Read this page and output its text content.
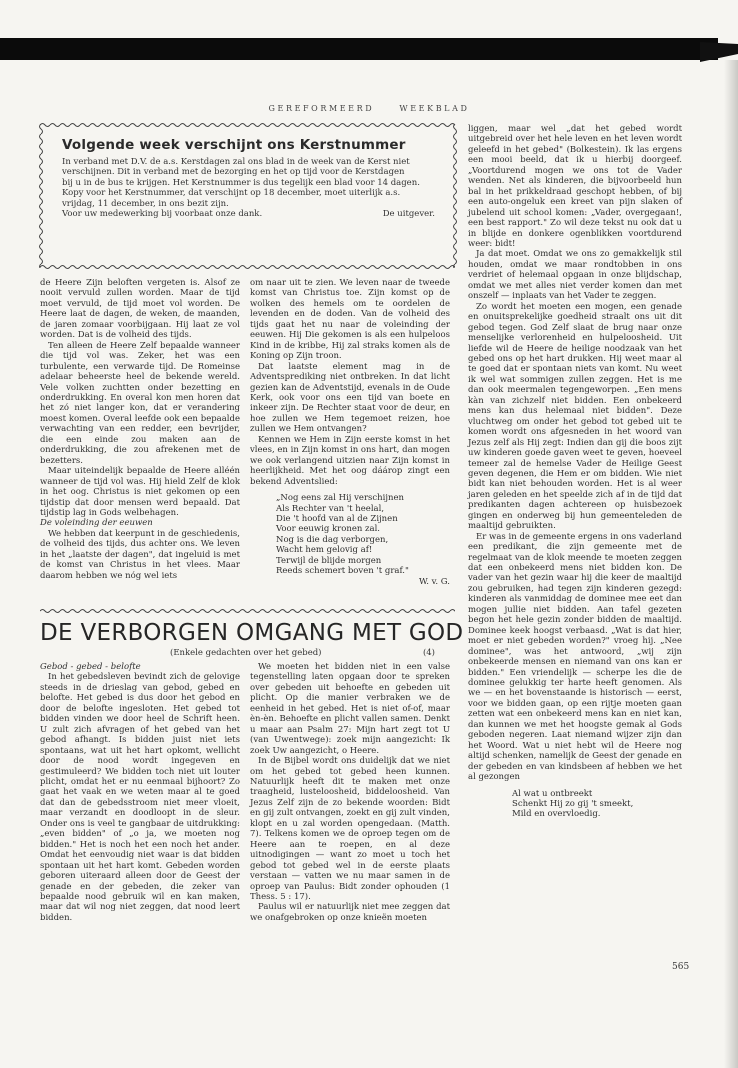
GEREFORMEERD	WEEKBLAD
Volgende week verschijnt ons Kerstnummer
In verband met D.V. de a.s. Kerstdagen zal ons blad in de week van de Kerst niet
verschijnen. Dit in verband met de bezorging en het op tijd voor de Kerstdagen
bij u in de bus te krijgen. Het Kerstnummer is dus tegelijk een blad voor 14 dagen.
Kopy voor het Kerstnummer, dat verschijnt op 18 december, moet uiterlijk a.s.
vrijdag, 11 december, in ons bezit zijn.
Voor uw medewerking bij voorbaat onze dank.	De uitgever.

de Heere Zijn beloften vergeten is. Alsof ze nooit vervuld zullen worden. Maar de tijd moet vervuld, de tijd moet vol worden. De Heere laat de dagen, de weken, de maanden, de jaren zomaar voorbijgaan. Hij laat ze vol worden. Dat is de volheid des tijds.

Ten alleen de Heere Zelf bepaalde wanneer die tijd vol was. Zeker, het was een turbulente, een verwarde tijd. De Romeinse adelaar beheerste heel de bekende wereld. Vele volken zuchtten onder bezetting en onderdrukking. En overal kon men horen dat het zó niet langer kon, dat er verandering moest komen. Overal leefde ook een bepaalde verwachting van een redder, een bevrijder, die een einde zou maken aan de onderdrukking, die zou afrekenen met de bezetters.

Maar uiteindelijk bepaalde de Heere alléén wanneer de tijd vol was. Hij hield Zelf de klok in het oog. Christus is niet gekomen op een tijdstip dat door mensen werd bepaald. Dat tijdstip lag in Gods welbehagen.

De voleinding der eeuwen

We hebben dat keerpunt in de geschiedenis, de volheid des tijds, dus achter ons. We leven in het „laatste der dagen", dat ingeluid is met de komst van Christus in het vlees. Maar daarom hebben we nóg wel iets

om naar uit te zien. We leven naar de tweede komst van Christus toe. Zijn komst op de wolken des hemels om te oordelen de levenden en de doden. Van de volheid des tijds gaat het nu naar de voleinding der eeuwen. Hij Die gekomen is als een hulpeloos Kind in de kribbe, Hij zal straks komen als de Koning op Zijn troon.

Dat laatste element mag in de Adventsprediking niet ontbreken. In dat licht gezien kan de Adventstijd, evenals in de Oude Kerk, ook voor ons een tijd van boete en inkeer zijn. De Rechter staat voor de deur, en hoe zullen we Hem tegemoet reizen, hoe zullen we Hem ontvangen?

Kennen we Hem in Zijn eerste komst in het vlees, en in Zijn komst in ons hart, dan mogen we ook verlangend uitzien naar Zijn komst in heerlijkheid. Met het oog dáárop zingt een bekend Adventslied:

„Nog eens zal Hij verschijnen
Als Rechter van 't heelal,
Die 't hoofd van al de Zijnen
Voor eeuwig kronen zal.
Nog is die dag verborgen,
Wacht hem gelovig af!
Terwijl de blijde morgen
Reeds schemert boven 't graf."
W. v. G.
DE VERBORGEN OMGANG MET GOD
(Enkele gedachten over het gebed)	(4)

Gebod - gebed - belofte

In het gebedsleven bevindt zich de gelovige steeds in de drieslag van gebod, gebed en belofte. Het gebed is dus door het gebod en door de belofte ingesloten. Het gebed tot bidden vinden we door heel de Schrift heen. U zult zich afvragen of het gebed van het gebod afhangt. Is bidden juist niet iets spontaans, wat uit het hart opkomt, wellicht door de nood wordt ingegeven en gestimuleerd? We bidden toch niet uit louter plicht, omdat het er nu eenmaal bijhoort? Zo gaat het vaak en we weten maar al te goed dat dan de gebedsstroom niet meer vloeit, maar verzandt en doodloopt in de sleur. Onder ons is veel te gangbaar de uitdrukking: „even bidden" of „o ja, we moeten nog bidden." Het is noch het een noch het ander. Omdat het eenvoudig niet waar is dat bidden spontaan uit het hart komt. Gebeden worden geboren uiteraard alleen door de Geest der genade en der gebeden, die zeker van bepaalde nood gebruik wil en kan maken, maar dat wil nog niet zeggen, dat nood leert bidden.

We moeten het bidden niet in een valse tegenstelling laten opgaan door te spreken over gebeden uit behoefte en gebeden uit plicht. Op die manier verbraken we de eenheid in het gebed. Het is niet of-of, maar èn-èn. Behoefte en plicht vallen samen. Denkt u maar aan Psalm 27: Mijn hart zegt tot U (van Uwentwege): zoek mijn aangezicht: Ik zoek Uw aangezicht, o Heere.

In de Bijbel wordt ons duidelijk dat we niet om het gebed tot gebed heen kunnen. Natuurlijk heeft dit te maken met onze traagheid, lusteloosheid, biddeloosheid. Van Jezus Zelf zijn de zo bekende woorden: Bidt en gij zult ontvangen, zoekt en gij zult vinden, klopt en u zal worden opengedaan. (Matth. 7). Telkens komen we de oproep tegen om de Heere aan te roepen, en al deze uitnodigingen — want zo moet u toch het gebod tot gebed wel in de eerste plaats verstaan — vatten we nu maar samen in de oproep van Paulus: Bidt zonder ophouden (1 Thess. 5 : 17).

Paulus wil er natuurlijk niet mee zeggen dat we onafgebroken op onze knieën moeten

liggen, maar wel „dat het gebed wordt uitgebreid over het hele leven en het leven wordt geleefd in het gebed" (Bolkestein). Ik las ergens een mooi beeld, dat ik u hierbij doorgeef. „Voortdurend mogen we ons tot de Vader wenden. Net als kinderen, die bijvoorbeeld hun bal in het prikkeldraad geschopt hebben, of bij een auto-ongeluk een kreet van pijn slaken of jubelend uit school komen: „Vader, overgegaan!, een best rapport." Zo wil deze tekst nu ook dat u in blijde en donkere ogenblikken voortdurend weer: bidt!

Ja dat moet. Omdat we ons zo gemakkelijk stil houden, omdat we maar rondtobben in ons verdriet of helemaal opgaan in onze blijdschap, omdat we met alles niet verder komen dan met onszelf — inplaats van het Vader te zeggen.

Zo wordt het moeten een mogen, een genade en onuitsprekelijke goedheid straalt ons uit dit gebod tegen. God Zelf slaat de brug naar onze menselijke verlorenheid en hulpeloosheid. Uit liefde wil de Heere de heilige noodzaak van het gebed ons op het hart drukken. Hij weet maar al te goed dat er spontaan niets van komt. Nu weet ik wel wat sommigen zullen zeggen. Het is me dan ook meermalen tegengeworpen. „Een mens kàn van zichzelf niet bidden. Een onbekeerd mens kan dus helemaal niet bidden". Deze vluchtweg om onder het gebod tot gebed uit te komen wordt ons afgesneden in het woord van Jezus zelf als Hij zegt: Indien dan gij die boos zijt uw kinderen goede gaven weet te geven, hoeveel temeer zal de hemelse Vader de Heilige Geest geven degenen, die Hem er om bidden. Wie niet bidt kan niet behouden worden. Het is al weer jaren geleden en het speelde zich af in de tijd dat predikanten dagen achtereen op huisbezoek gingen en onderweg bij hun gemeenteleden de maaltijd gebruikten.

Er was in de gemeente ergens in ons vaderland een predikant, die zijn gemeente met de regelmaat van de klok meende te moeten zeggen dat een onbekeerd mens niet bidden kon. De vader van het gezin waar hij die keer de maaltijd zou gebruiken, had tegen zijn kinderen gezegd: kinderen als vanmiddag de dominee mee eet dan mogen jullie niet bidden. Aan tafel gezeten begon het hele gezin zonder bidden de maaltijd. Dominee keek hoogst verbaasd. „Wat is dat hier, moet er niet gebeden worden?" vroeg hij. „Nee dominee", was het antwoord, „wij zijn onbekeerde mensen en niemand van ons kan er bidden." Een vriendelijk — scherpe les die de dominee gelukkig ter harte heeft genomen. Als we — en het bovenstaande is historisch — eerst, voor we bidden gaan, op een rijtje moeten gaan zetten wat een onbekeerd mens kan en niet kan, dan kunnen we met het hoogste gemak al Gods geboden negeren. Laat niemand wijzer zijn dan het Woord. Wat u niet hebt wil de Heere nog altijd schenken, namelijk de Geest der genade en der gebeden en van kindsbeen af hebben we het al gezongen

Al wat u ontbreekt
Schenkt Hij zo gij 't smeekt,
Mild en overvloedig.
565
